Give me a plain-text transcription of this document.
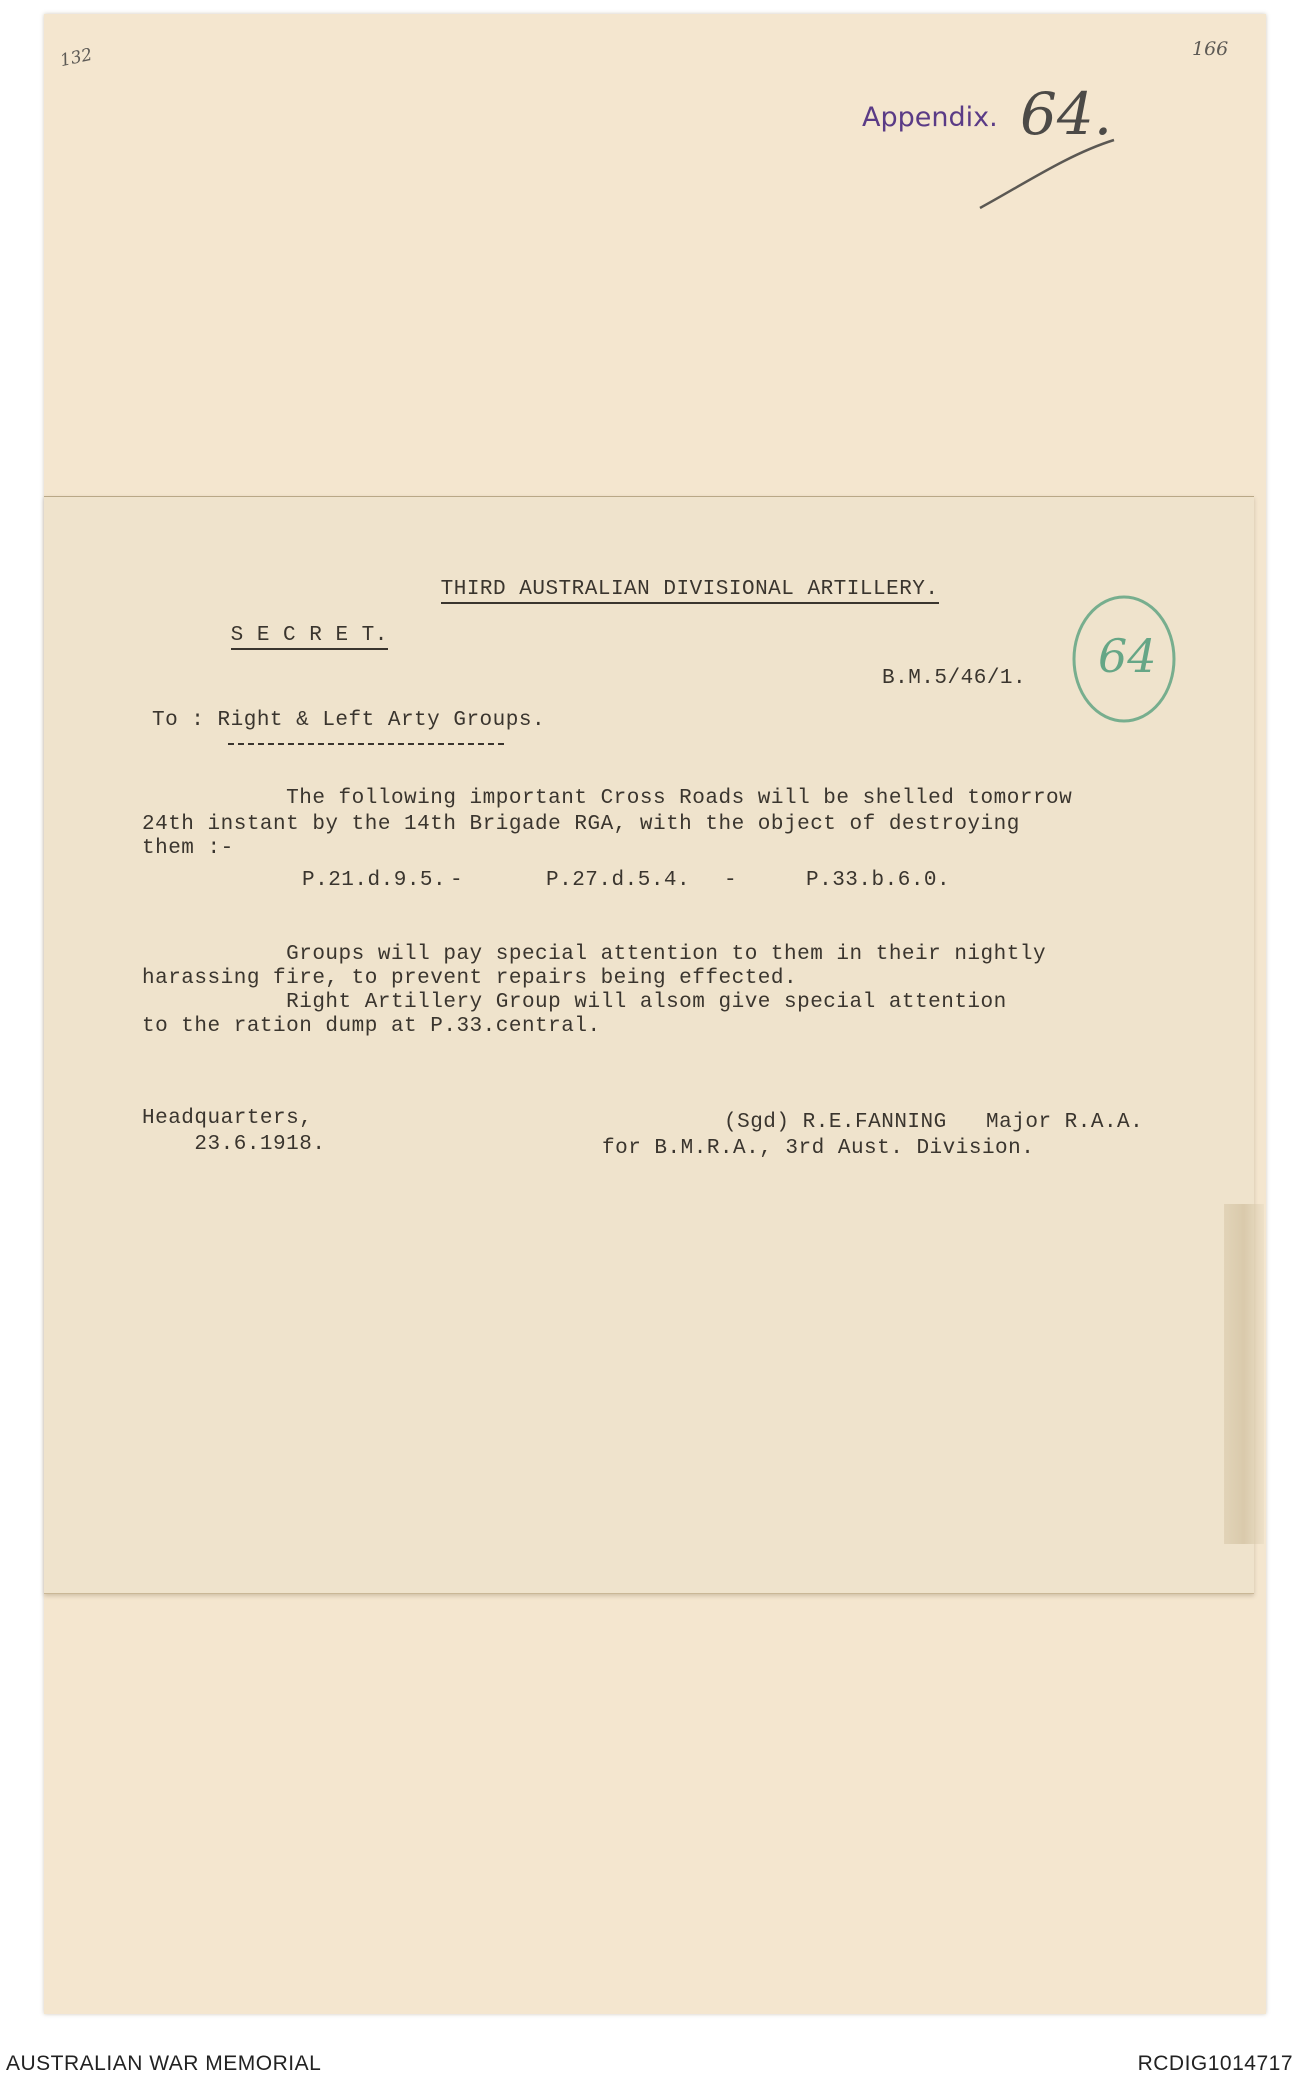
132	166
Appendix. 64.

THIRD AUSTRALIAN DIVISIONAL ARTILLERY.

S E C R E T.
	64
B.M.5/46/1.
To : Right & Left Arty Groups.
The following important Cross Roads will be shelled tomorrow
24th instant by the 14th Brigade RGA, with the object of destroying
them :-
P.21.d.9.5. -	P.27.d.5.4. -	P.33.b.6.0.
Groups will pay special attention to them in their nightly
harassing fire, to prevent repairs being effected.
Right Artillery Group will alsom give special attention
to the ration dump at P.33.central.
Headquarters,
23.6.1918.
(Sgd) R.E.FANNING   Major R.A.A.
for B.M.R.A., 3rd Aust. Division.
AUSTRALIAN WAR MEMORIAL	RCDIG1014717
